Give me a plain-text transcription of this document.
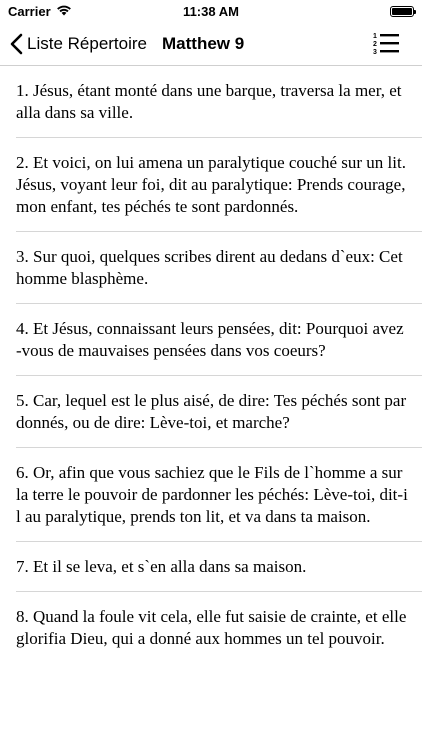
Carrier	11:38 AM
Liste Répertoire Matthew 9	1
2
3
1. Jésus, étant monté dans une barque, traversa la mer, et alla dans sa ville.
2. Et voici, on lui amena un paralytique couché sur un lit. Jésus, voyant leur foi, dit au paralytique: Prends courage, mon enfant, tes péchés te sont pardonnés.
3. Sur quoi, quelques scribes dirent au dedans d`eux: Cet homme blasphème.
4. Et Jésus, connaissant leurs pensées, dit: Pourquoi avez-vous de mauvaises pensées dans vos coeurs?
5. Car, lequel est le plus aisé, de dire: Tes péchés sont pardonnés, ou de dire: Lève-toi, et marche?
6. Or, afin que vous sachiez que le Fils de l`homme a sur la terre le pouvoir de pardonner les péchés: Lève-toi, dit-il au paralytique, prends ton lit, et va dans ta maison.
7. Et il se leva, et s`en alla dans sa maison.
8. Quand la foule vit cela, elle fut saisie de crainte, et elle glorifia Dieu, qui a donné aux hommes un tel pouvoir.
